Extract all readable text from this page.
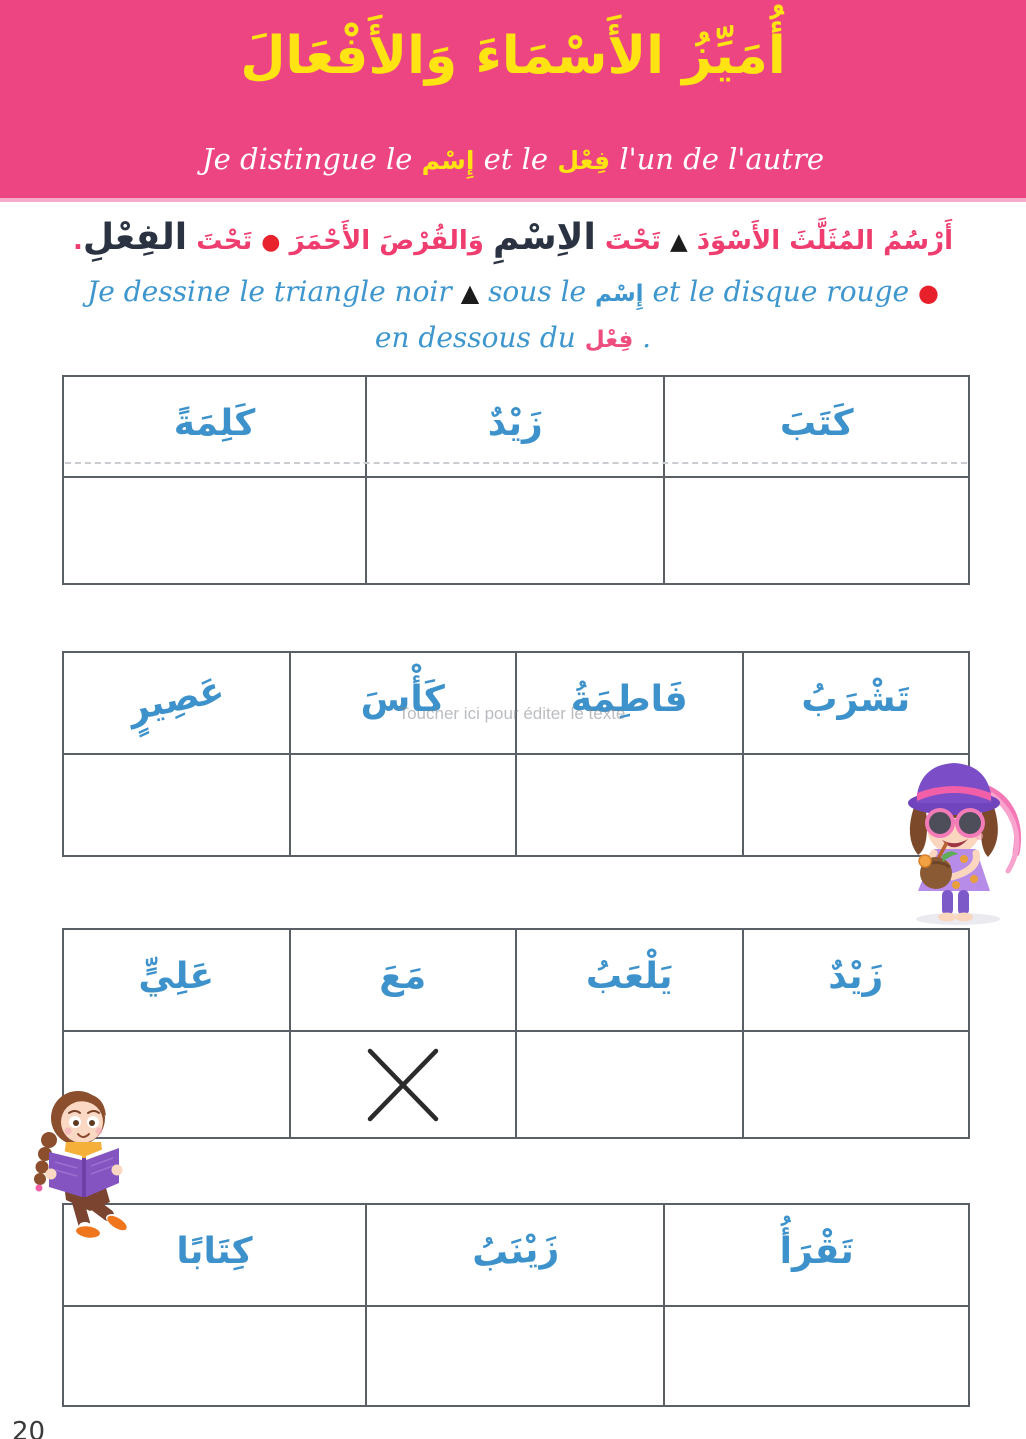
أُمَيِّزُ الأَسْمَاءَ وَالأَفْعَالَ
Je distingue le إِسْم et le فِعْل l'un de l'autre
أَرْسُمُ المُثَلَّثَ الأَسْوَدَ ▲ تَحْتَ الاِسْمِ وَالقُرْصَ الأَحْمَرَ ● تَحْتَ الفِعْلِ.
Je dessine le triangle noir ▲ sous le إِسْم et le disque rouge ●
en dessous du فِعْل .
كَلِمَةً	زَيْدٌ	كَتَبَ
عَصِيرٍ	كَأْسَ	فَاطِمَةُ	تَشْرَبُ
عَلِيٍّ	مَعَ	يَلْعَبُ	زَيْدٌ
كِتَابًا	زَيْنَبُ	تَقْرَأُ
Toucher ici pour éditer le texte
20
